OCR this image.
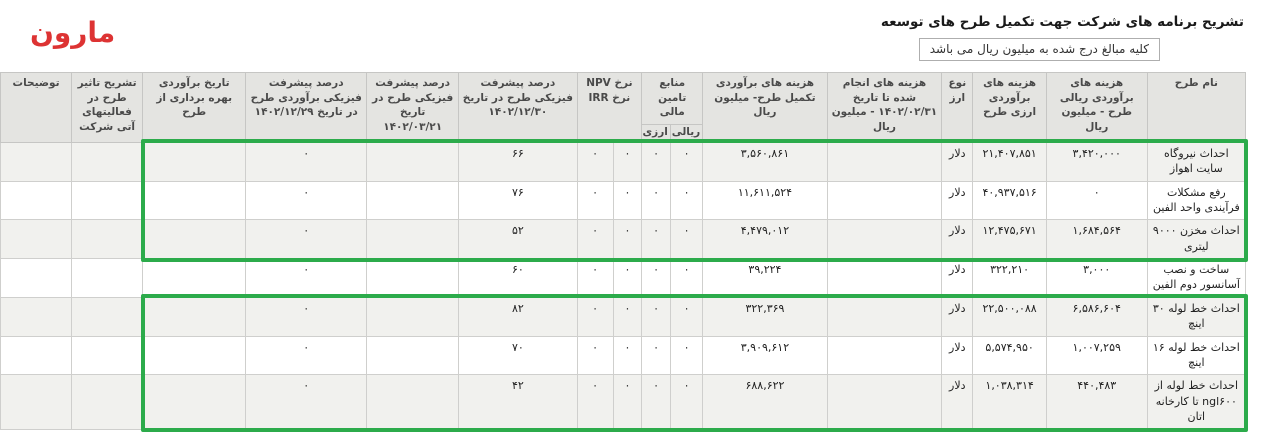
تشریح برنامه های شرکت جهت تکمیل طرح های توسعه
کلیه مبالغ درج شده به میلیون ریال می باشد
مارون
نام طرح	هزینه های برآوردی ریالی طرح - میلیون ریال	هزینه های برآوردی ارزی طرح	نوع ارز	هزینه های انجام شده تا تاریخ ۱۴۰۲/۰۲/۳۱ - میلیون ریال	هزینه های برآوردی تکمیل طرح- میلیون ریال	منابع تامین مالی		نرخ NPV نرخ IRR		درصد پیشرفت فیزیکی طرح در تاریخ ۱۴۰۲/۱۲/۳۰	درصد پیشرفت فیزیکی طرح در تاریخ ۱۴۰۲/۰۳/۲۱	درصد پیشرفت فیزیکی برآوردی طرح در تاریخ ۱۴۰۲/۱۲/۲۹	تاریخ برآوردی بهره برداری از طرح	تشریح تاثیر طرح در فعالیتهای آتی شرکت	توضیحات
						ریالی	ارزی								
احداث نیروگاه سایت اهواز	۳,۴۲۰,۰۰۰	۲۱,۴۰۷,۸۵۱	دلار		۳,۵۶۰,۸۶۱	۰	۰	۰	۰	۶۶		۰			
رفع مشکلات فرآیندی واحد الفین	۰	۴۰,۹۳۷,۵۱۶	دلار		۱۱,۶۱۱,۵۲۴	۰	۰	۰	۰	۷۶		۰			
احداث مخزن ۹۰۰۰ لیتری	۱,۶۸۴,۵۶۴	۱۲,۴۷۵,۶۷۱	دلار		۴,۴۷۹,۰۱۲	۰	۰	۰	۰	۵۲		۰			
ساخت و نصب آسانسور دوم الفین	۳,۰۰۰	۳۲۲,۲۱۰	دلار		۳۹,۲۲۴	۰	۰	۰	۰	۶۰		۰			
احداث خط لوله ۳۰ اینچ	۶,۵۸۶,۶۰۴	۲۲,۵۰۰,۰۸۸	دلار		۳۲۲,۳۶۹	۰	۰	۰	۰	۸۲		۰			
احداث خط لوله ۱۶ اینچ	۱,۰۰۷,۲۵۹	۵,۵۷۴,۹۵۰	دلار		۳,۹۰۹,۶۱۲	۰	۰	۰	۰	۷۰		۰			
احداث خط لوله از ngl۶۰۰ تا کارخانه اتان	۴۴۰,۴۸۳	۱,۰۳۸,۳۱۴	دلار		۶۸۸,۶۲۲	۰	۰	۰	۰	۴۲		۰			
